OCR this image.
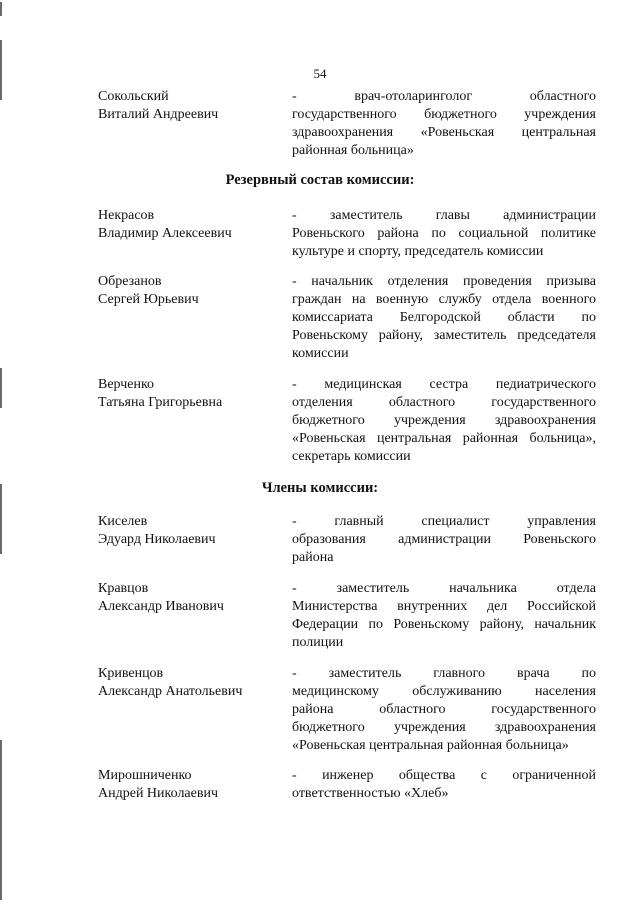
54
Сокольский
Виталий Андреевич
- врач-отоларинголог областного
государственного бюджетного учреждения
здравоохранения «Ровеньская центральная
районная больница»
Резервный состав комиссии:
Некрасов
Владимир Алексеевич
- заместитель главы администрации
Ровеньского района по социальной политике
культуре и спорту, председатель комиссии
Обрезанов
Сергей Юрьевич
- начальник отделения проведения призыва
граждан на военную службу отдела военного
комиссариата Белгородской области по
Ровеньскому району, заместитель председателя
комиссии
Верченко
Татьяна Григорьевна
- медицинская сестра педиатрического
отделения областного государственного
бюджетного учреждения здравоохранения
«Ровеньская центральная районная больница»,
секретарь комиссии
Члены комиссии:
Киселев
Эдуард Николаевич
- главный специалист управления
образования администрации Ровеньского
района
Кравцов
Александр Иванович
- заместитель начальника отдела
Министерства внутренних дел Российской
Федерации по Ровеньскому району, начальник
полиции
Кривенцов
Александр Анатольевич
- заместитель главного врача по
медицинскому обслуживанию населения
района областного государственного
бюджетного учреждения здравоохранения
«Ровеньская центральная районная больница»
Мирошниченко
Андрей Николаевич
- инженер общества с ограниченной
ответственностью «Хлеб»
